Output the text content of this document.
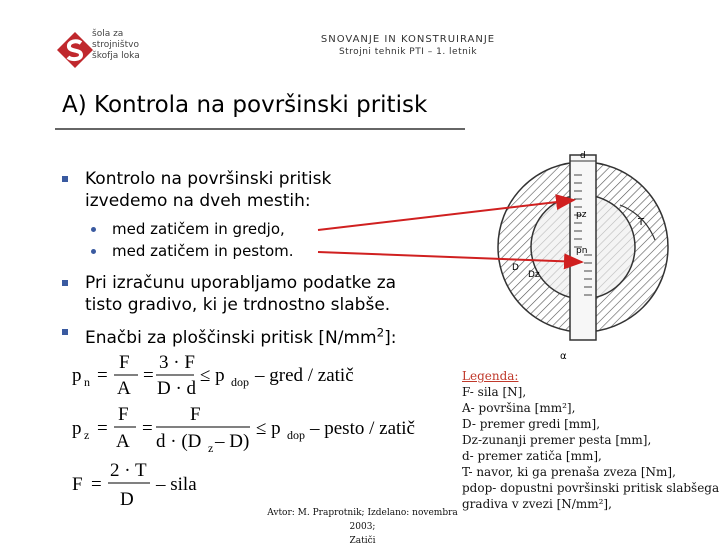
šola za
strojništvo
škofja loka
SNOVANJE IN KONSTRUIRANJE
Strojni tehnik PTI – 1. letnik
A) Kontrola na površinski pritisk
Kontrolo na površinski pritisk
izvedemo na dveh mestih:
med zatičem in gredjo,
med zatičem in pestom.
Pri izračunu uporabljamo podatke za
tisto gradivo, ki je trdnostno slabše.
Enačbi za ploščinski pritisk $[N/mm^2]$:
p n =
F
A
=
3 · F
D · d
≤ p dop – gred / zatič
p z =
F
A
=
F
d · (D z – D)
≤ p dop – pesto / zatič
F =
2 · T
D
– sila
d
pz
pn
T
Dz
D
α
Legenda:
F- sila [N],
A- površina [mm²],
D- premer gredi [mm],
Dz-zunanji premer pesta [mm],
d- premer zatiča [mm],
T- navor, ki ga prenaša zveza [Nm],
pdop- dopustni površinski pritisk slabšega
gradiva v zvezi [N/mm²],
Avtor: M. Praprotnik; Izdelano: novembra 2003;
Zatiči
